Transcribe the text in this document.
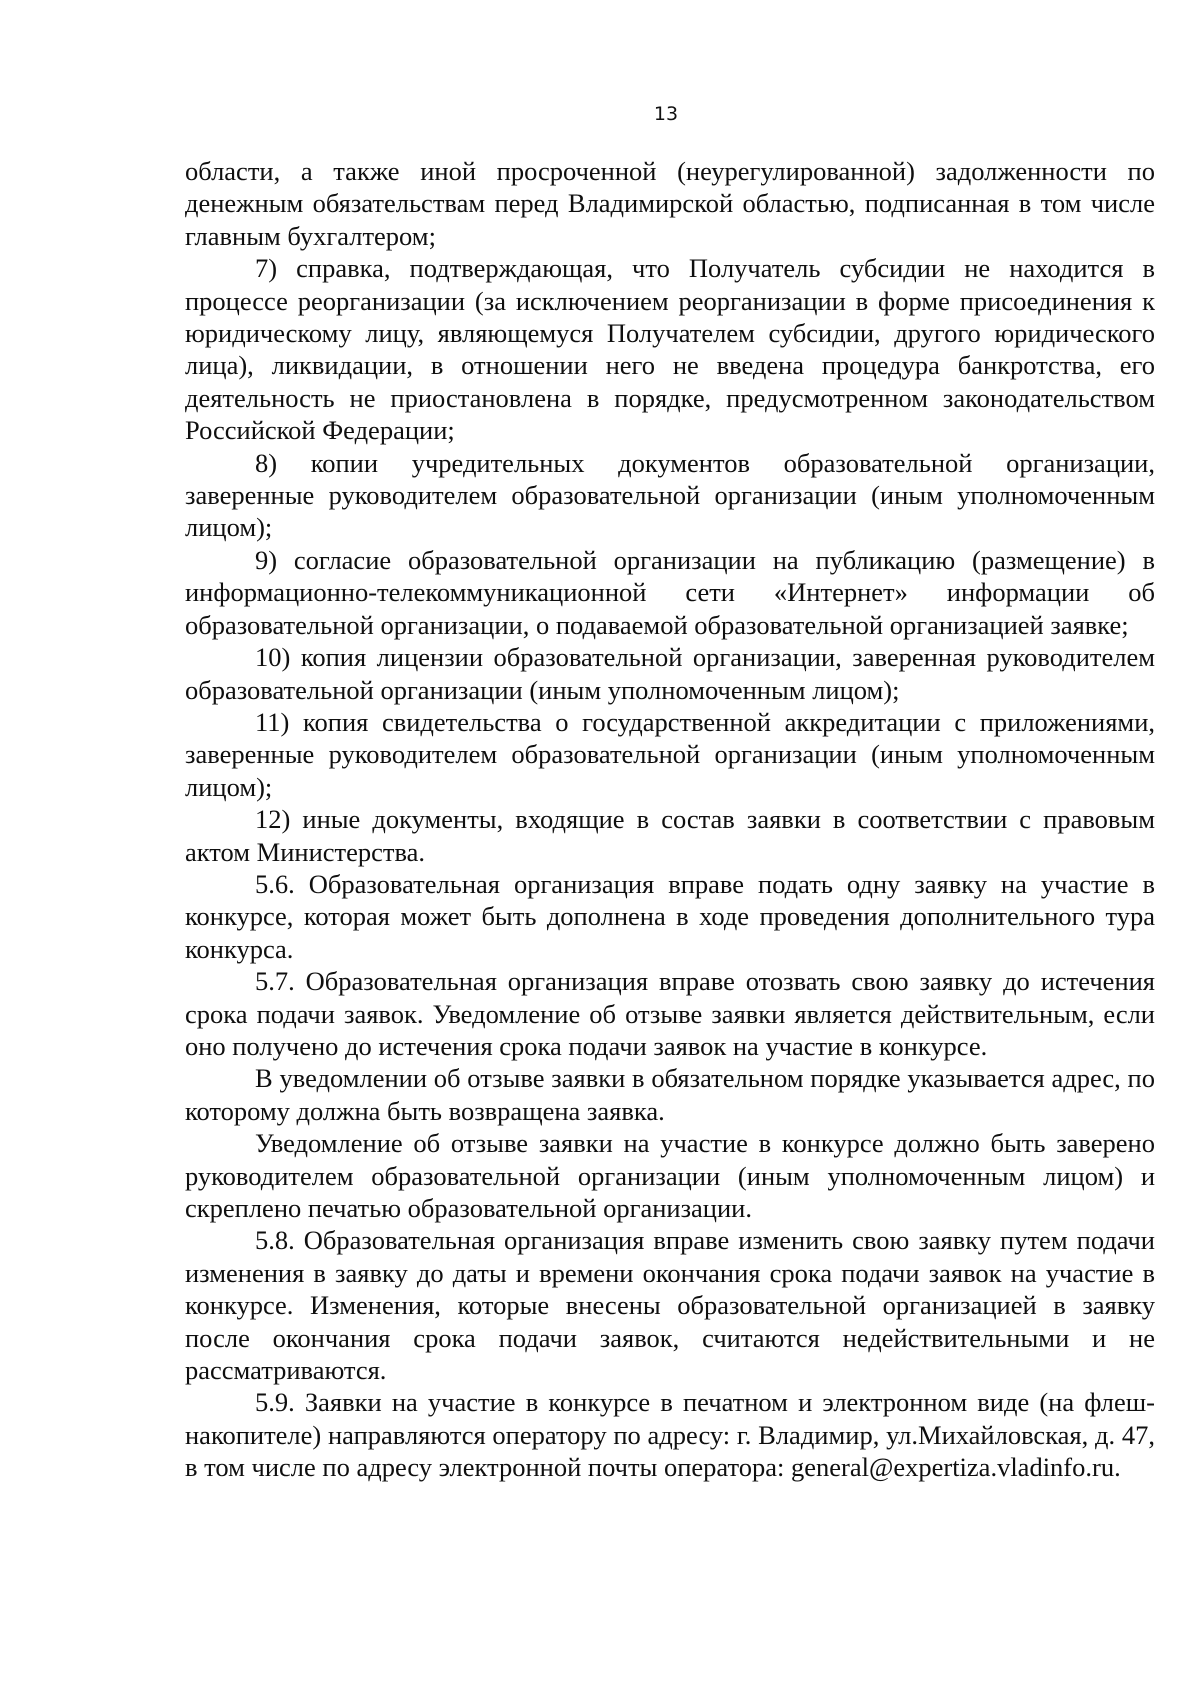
13

области, а также иной просроченной (неурегулированной) задолженности по денежным обязательствам перед Владимирской областью, подписанная в том числе главным бухгалтером;

7) справка, подтверждающая, что Получатель субсидии не находится в процессе реорганизации (за исключением реорганизации в форме присоединения к юридическому лицу, являющемуся Получателем субсидии, другого юридического лица), ликвидации, в отношении него не введена процедура банкротства, его деятельность не приостановлена в порядке, предусмотренном законодательством Российской Федерации;

8) копии учредительных документов образовательной организации, заверенные руководителем образовательной организации (иным уполномоченным лицом);

9) согласие образовательной организации на публикацию (размещение) в информационно-телекоммуникационной сети «Интернет» информации об образовательной организации, о подаваемой образовательной организацией заявке;

10) копия лицензии образовательной организации, заверенная руководителем образовательной организации (иным уполномоченным лицом);

11) копия свидетельства о государственной аккредитации с приложениями, заверенные руководителем образовательной организации (иным уполномоченным лицом);

12) иные документы, входящие в состав заявки в соответствии с правовым актом Министерства.

5.6. Образовательная организация вправе подать одну заявку на участие в конкурсе, которая может быть дополнена в ходе проведения дополнительного тура конкурса.

5.7. Образовательная организация вправе отозвать свою заявку до истечения срока подачи заявок. Уведомление об отзыве заявки является действительным, если оно получено до истечения срока подачи заявок на участие в конкурсе.

В уведомлении об отзыве заявки в обязательном порядке указывается адрес, по которому должна быть возвращена заявка.

Уведомление об отзыве заявки на участие в конкурсе должно быть заверено руководителем образовательной организации (иным уполномоченным лицом) и скреплено печатью образовательной организации.

5.8. Образовательная организация вправе изменить свою заявку путем подачи изменения в заявку до даты и времени окончания срока подачи заявок на участие в конкурсе. Изменения, которые внесены образовательной организацией в заявку после окончания срока подачи заявок, считаются недействительными и не рассматриваются.

5.9. Заявки на участие в конкурсе в печатном и электронном виде (на флеш-накопителе) направляются оператору по адресу: г. Владимир, ул.Михайловская, д. 47, в том числе по адресу электронной почты оператора: general@expertiza.vladinfo.ru.
